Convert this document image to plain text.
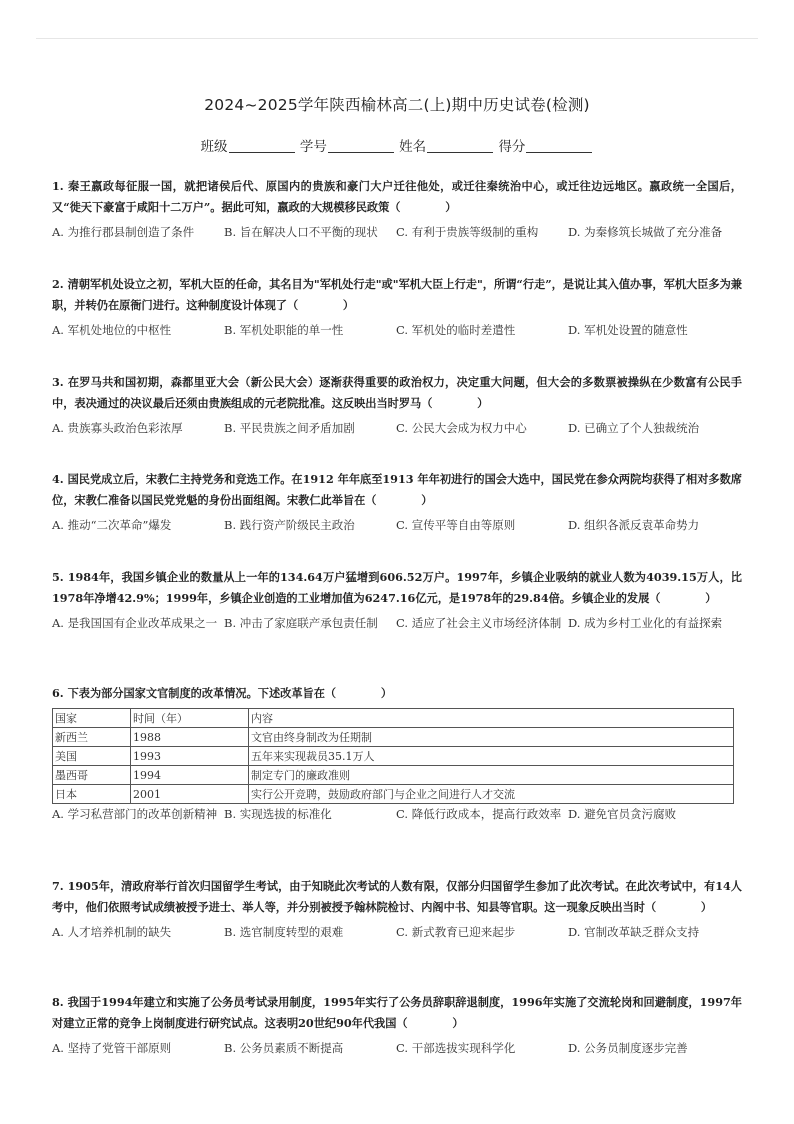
2024~2025学年陕西榆林高二(上)期中历史试卷(检测)
班级	学号	姓名	得分
1. 秦王嬴政每征服一国，就把诸侯后代、原国内的贵族和豪门大户迁往他处，或迁往秦统治中心，或迁往边远地区。嬴政统一全国后，又“徙天下豪富于咸阳十二万户”。据此可知，嬴政的大规模移民政策（　　　　）
A. 为推行郡县制创造了条件	B. 旨在解决人口不平衡的现状	C. 有利于贵族等级制的重构	D. 为秦修筑长城做了充分准备
2. 清朝军机处设立之初，军机大臣的任命，其名目为"军机处行走"或"军机大臣上行走"，所谓“行走”，是说让其入值办事，军机大臣多为兼职，并转仍在原衙门进行。这种制度设计体现了（　　　　）
A. 军机处地位的中枢性	B. 军机处职能的单一性	C. 军机处的临时差遣性	D. 军机处设置的随意性
3. 在罗马共和国初期，森都里亚大会（新公民大会）逐渐获得重要的政治权力，决定重大问题，但大会的多数票被操纵在少数富有公民手中，表决通过的决议最后还须由贵族组成的元老院批准。这反映出当时罗马（　　　　）
A. 贵族寡头政治色彩浓厚	B. 平民贵族之间矛盾加剧	C. 公民大会成为权力中心	D. 已确立了个人独裁统治
4. 国民党成立后，宋教仁主持党务和竞选工作。在1912 年年底至1913 年年初进行的国会大选中，国民党在参众两院均获得了相对多数席位，宋教仁准备以国民党党魁的身份出面组阁。宋教仁此举旨在（　　　　）
A. 推动“二次革命”爆发	B. 践行资产阶级民主政治	C. 宣传平等自由等原则	D. 组织各派反袁革命势力
5. 1984年，我国乡镇企业的数量从上一年的134.64万户猛增到606.52万户。1997年，乡镇企业吸纳的就业人数为4039.15万人，比1978年净增42.9%；1999年，乡镇企业创造的工业增加值为6247.16亿元，是1978年的29.84倍。乡镇企业的发展（　　　　）
A. 是我国国有企业改革成果之一 B. 冲击了家庭联产承包责任制	C. 适应了社会主义市场经济体制 D. 成为乡村工业化的有益探索
6. 下表为部分国家文官制度的改革情况。下述改革旨在（　　　　）
国家	时间（年）	内容
新西兰	1988	文官由终身制改为任期制
美国	1993	五年来实现裁员35.1万人
墨西哥	1994	制定专门的廉政准则
日本	2001	实行公开竞聘，鼓励政府部门与企业之间进行人才交流
A. 学习私营部门的改革创新精神 B. 实现选拔的标准化	C. 降低行政成本，提高行政效率 D. 避免官员贪污腐败
7. 1905年，清政府举行首次归国留学生考试，由于知晓此次考试的人数有限，仅部分归国留学生参加了此次考试。在此次考试中，有14人考中，他们依照考试成绩被授予进士、举人等，并分别被授予翰林院检讨、内阁中书、知县等官职。这一现象反映出当时（　　　　）
A. 人才培养机制的缺失	B. 选官制度转型的艰难	C. 新式教育已迎来起步	D. 官制改革缺乏群众支持
8. 我国于1994年建立和实施了公务员考试录用制度，1995年实行了公务员辞职辞退制度，1996年实施了交流轮岗和回避制度，1997年对建立正常的竞争上岗制度进行研究试点。这表明20世纪90年代我国（　　　　）
A. 坚持了党管干部原则	B. 公务员素质不断提高	C. 干部选拔实现科学化	D. 公务员制度逐步完善
